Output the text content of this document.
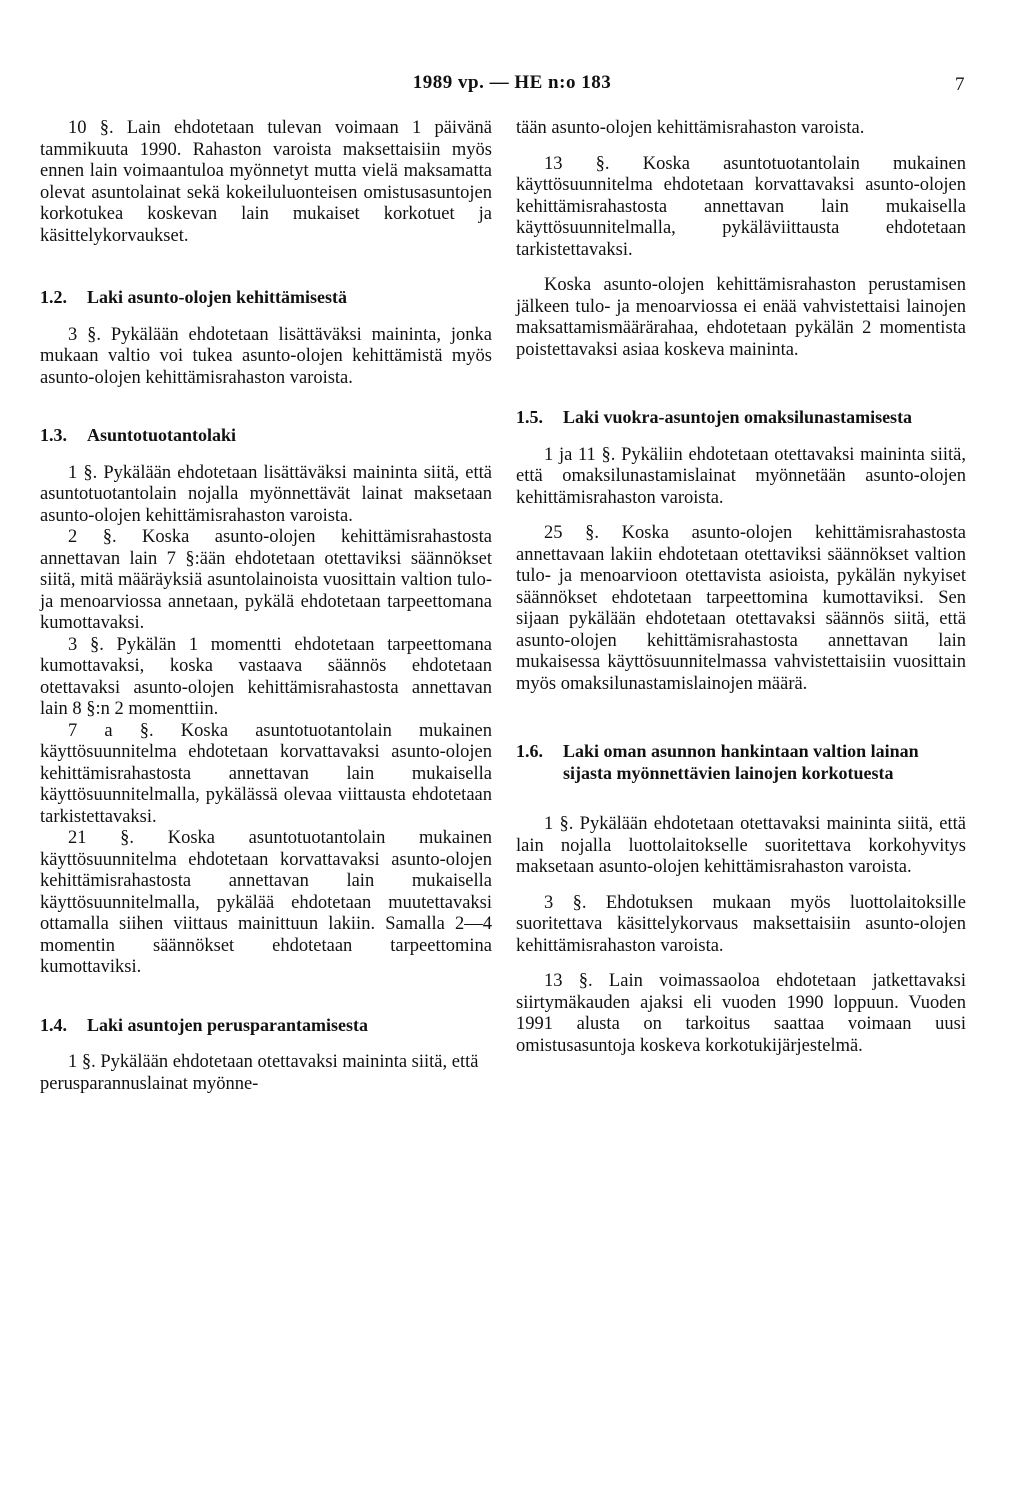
1989 vp. — HE n:o 183	7

10 §. Lain ehdotetaan tulevan voimaan 1 päivänä tammikuuta 1990. Rahaston varoista maksettaisiin myös ennen lain voimaantuloa myönnetyt mutta vielä maksamatta olevat asuntolainat sekä kokeiluluonteisen omistusasuntojen korkotukea koskevan lain mukaiset korkotuet ja käsittelykorvaukset.

1.2.	Laki asunto-olojen kehittämisestä

3 §. Pykälään ehdotetaan lisättäväksi maininta, jonka mukaan valtio voi tukea asunto-olojen kehittämistä myös asunto-olojen kehittämisrahaston varoista.

1.3.	Asuntotuotantolaki

1 §. Pykälään ehdotetaan lisättäväksi maininta siitä, että asuntotuotantolain nojalla myönnettävät lainat maksetaan asunto-olojen kehittämisrahaston varoista.

2 §. Koska asunto-olojen kehittämisrahastosta annettavan lain 7 §:ään ehdotetaan otettaviksi säännökset siitä, mitä määräyksiä asuntolainoista vuosittain valtion tulo- ja menoarviossa annetaan, pykälä ehdotetaan tarpeettomana kumottavaksi.

3 §. Pykälän 1 momentti ehdotetaan tarpeettomana kumottavaksi, koska vastaava säännös ehdotetaan otettavaksi asunto-olojen kehittämisrahastosta annettavan lain 8 §:n 2 momenttiin.

7 a §. Koska asuntotuotantolain mukainen käyttösuunnitelma ehdotetaan korvattavaksi asunto-olojen kehittämisrahastosta annettavan lain mukaisella käyttösuunnitelmalla, pykälässä olevaa viittausta ehdotetaan tarkistettavaksi.

21 §. Koska asuntotuotantolain mukainen käyttösuunnitelma ehdotetaan korvattavaksi asunto-olojen kehittämisrahastosta annettavan lain mukaisella käyttösuunnitelmalla, pykälää ehdotetaan muutettavaksi ottamalla siihen viittaus mainittuun lakiin. Samalla 2—4 momentin säännökset ehdotetaan tarpeettomina kumottaviksi.

1.4.	Laki asuntojen perusparantamisesta

1 §. Pykälään ehdotetaan otettavaksi maininta siitä, että perusparannuslainat myönne-

tään asunto-olojen kehittämisrahaston varoista.

13 §. Koska asuntotuotantolain mukainen käyttösuunnitelma ehdotetaan korvattavaksi asunto-olojen kehittämisrahastosta annettavan lain mukaisella käyttösuunnitelmalla, pykäläviittausta ehdotetaan tarkistettavaksi.

Koska asunto-olojen kehittämisrahaston perustamisen jälkeen tulo- ja menoarviossa ei enää vahvistettaisi lainojen maksattamismäärärahaa, ehdotetaan pykälän 2 momentista poistettavaksi asiaa koskeva maininta.

1.5.	Laki vuokra-asuntojen omaksilunastamisesta

1 ja 11 §. Pykäliin ehdotetaan otettavaksi maininta siitä, että omaksilunastamislainat myönnetään asunto-olojen kehittämisrahaston varoista.

25 §. Koska asunto-olojen kehittämisrahastosta annettavaan lakiin ehdotetaan otettaviksi säännökset valtion tulo- ja menoarvioon otettavista asioista, pykälän nykyiset säännökset ehdotetaan tarpeettomina kumottaviksi. Sen sijaan pykälään ehdotetaan otettavaksi säännös siitä, että asunto-olojen kehittämisrahastosta annettavan lain mukaisessa käyttösuunnitelmassa vahvistettaisiin vuosittain myös omaksilunastamislainojen määrä.

1.6.	Laki oman asunnon hankintaan valtion lainan sijasta myönnettävien lainojen korkotuesta

1 §. Pykälään ehdotetaan otettavaksi maininta siitä, että lain nojalla luottolaitokselle suoritettava korkohyvitys maksetaan asunto-olojen kehittämisrahaston varoista.

3 §. Ehdotuksen mukaan myös luottolaitoksille suoritettava käsittelykorvaus maksettaisiin asunto-olojen kehittämisrahaston varoista.

13 §. Lain voimassaoloa ehdotetaan jatkettavaksi siirtymäkauden ajaksi eli vuoden 1990 loppuun. Vuoden 1991 alusta on tarkoitus saattaa voimaan uusi omistusasuntoja koskeva korkotukijärjestelmä.
